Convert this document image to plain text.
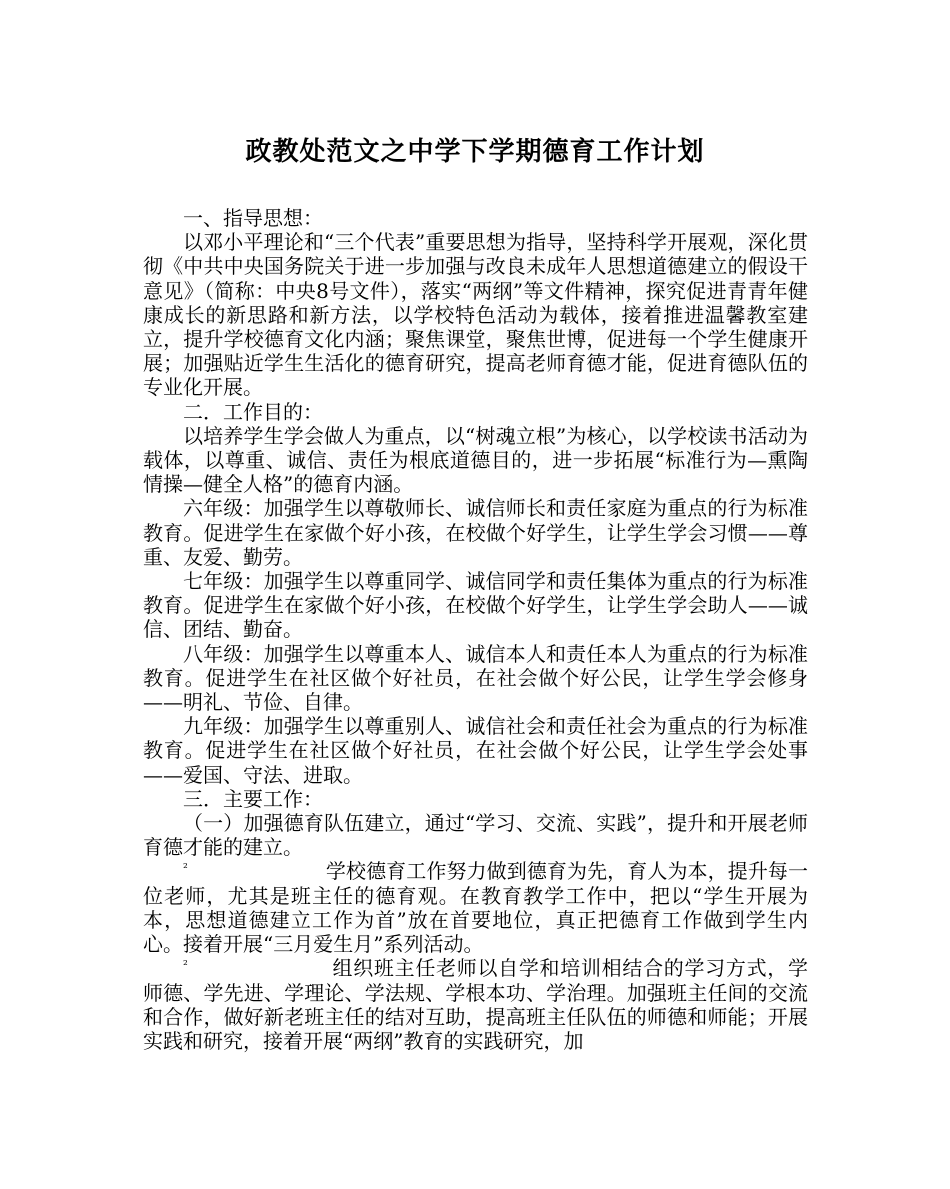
政教处范文之中学下学期德育工作计划

一、指导思想：

以邓小平理论和“三个代表”重要思想为指导，坚持科学开展观，深化贯彻《中共中央国务院关于进一步加强与改良未成年人思想道德建立的假设干意见》（简称：中央8号文件），落实“两纲”等文件精神，探究促进青青年健康成长的新思路和新方法，以学校特色活动为载体，接着推进温馨教室建立，提升学校德育文化内涵；聚焦课堂，聚焦世博，促进每一个学生健康开展；加强贴近学生生活化的德育研究，提高老师育德才能，促进育德队伍的专业化开展。

二．工作目的：

以培养学生学会做人为重点，以“树魂立根”为核心，以学校读书活动为载体，以尊重、诚信、责任为根底道德目的，进一步拓展“标准行为—熏陶情操—健全人格”的德育内涵。

六年级：加强学生以尊敬师长、诚信师长和责任家庭为重点的行为标准教育。促进学生在家做个好小孩，在校做个好学生，让学生学会习惯——尊重、友爱、勤劳。

七年级：加强学生以尊重同学、诚信同学和责任集体为重点的行为标准教育。促进学生在家做个好小孩，在校做个好学生，让学生学会助人——诚信、团结、勤奋。

八年级：加强学生以尊重本人、诚信本人和责任本人为重点的行为标准教育。促进学生在社区做个好社员，在社会做个好公民，让学生学会修身——明礼、节俭、自律。

九年级：加强学生以尊重别人、诚信社会和责任社会为重点的行为标准教育。促进学生在社区做个好社员，在社会做个好公民，让学生学会处事——爱国、守法、进取。

三．主要工作：

（一）加强德育队伍建立，通过“学习、交流、实践”，提升和开展老师育德才能的建立。

²	学校德育工作努力做到德育为先，育人为本，提升每一位老师，尤其是班主任的德育观。在教育教学工作中，把以“学生开展为本，思想道德建立工作为首”放在首要地位，真正把德育工作做到学生内心。接着开展“三月爱生月”系列活动。

²	组织班主任老师以自学和培训相结合的学习方式，学师德、学先进、学理论、学法规、学根本功、学治理。加强班主任间的交流和合作，做好新老班主任的结对互助，提高班主任队伍的师德和师能；开展实践和研究，接着开展“两纲”教育的实践研究，加
